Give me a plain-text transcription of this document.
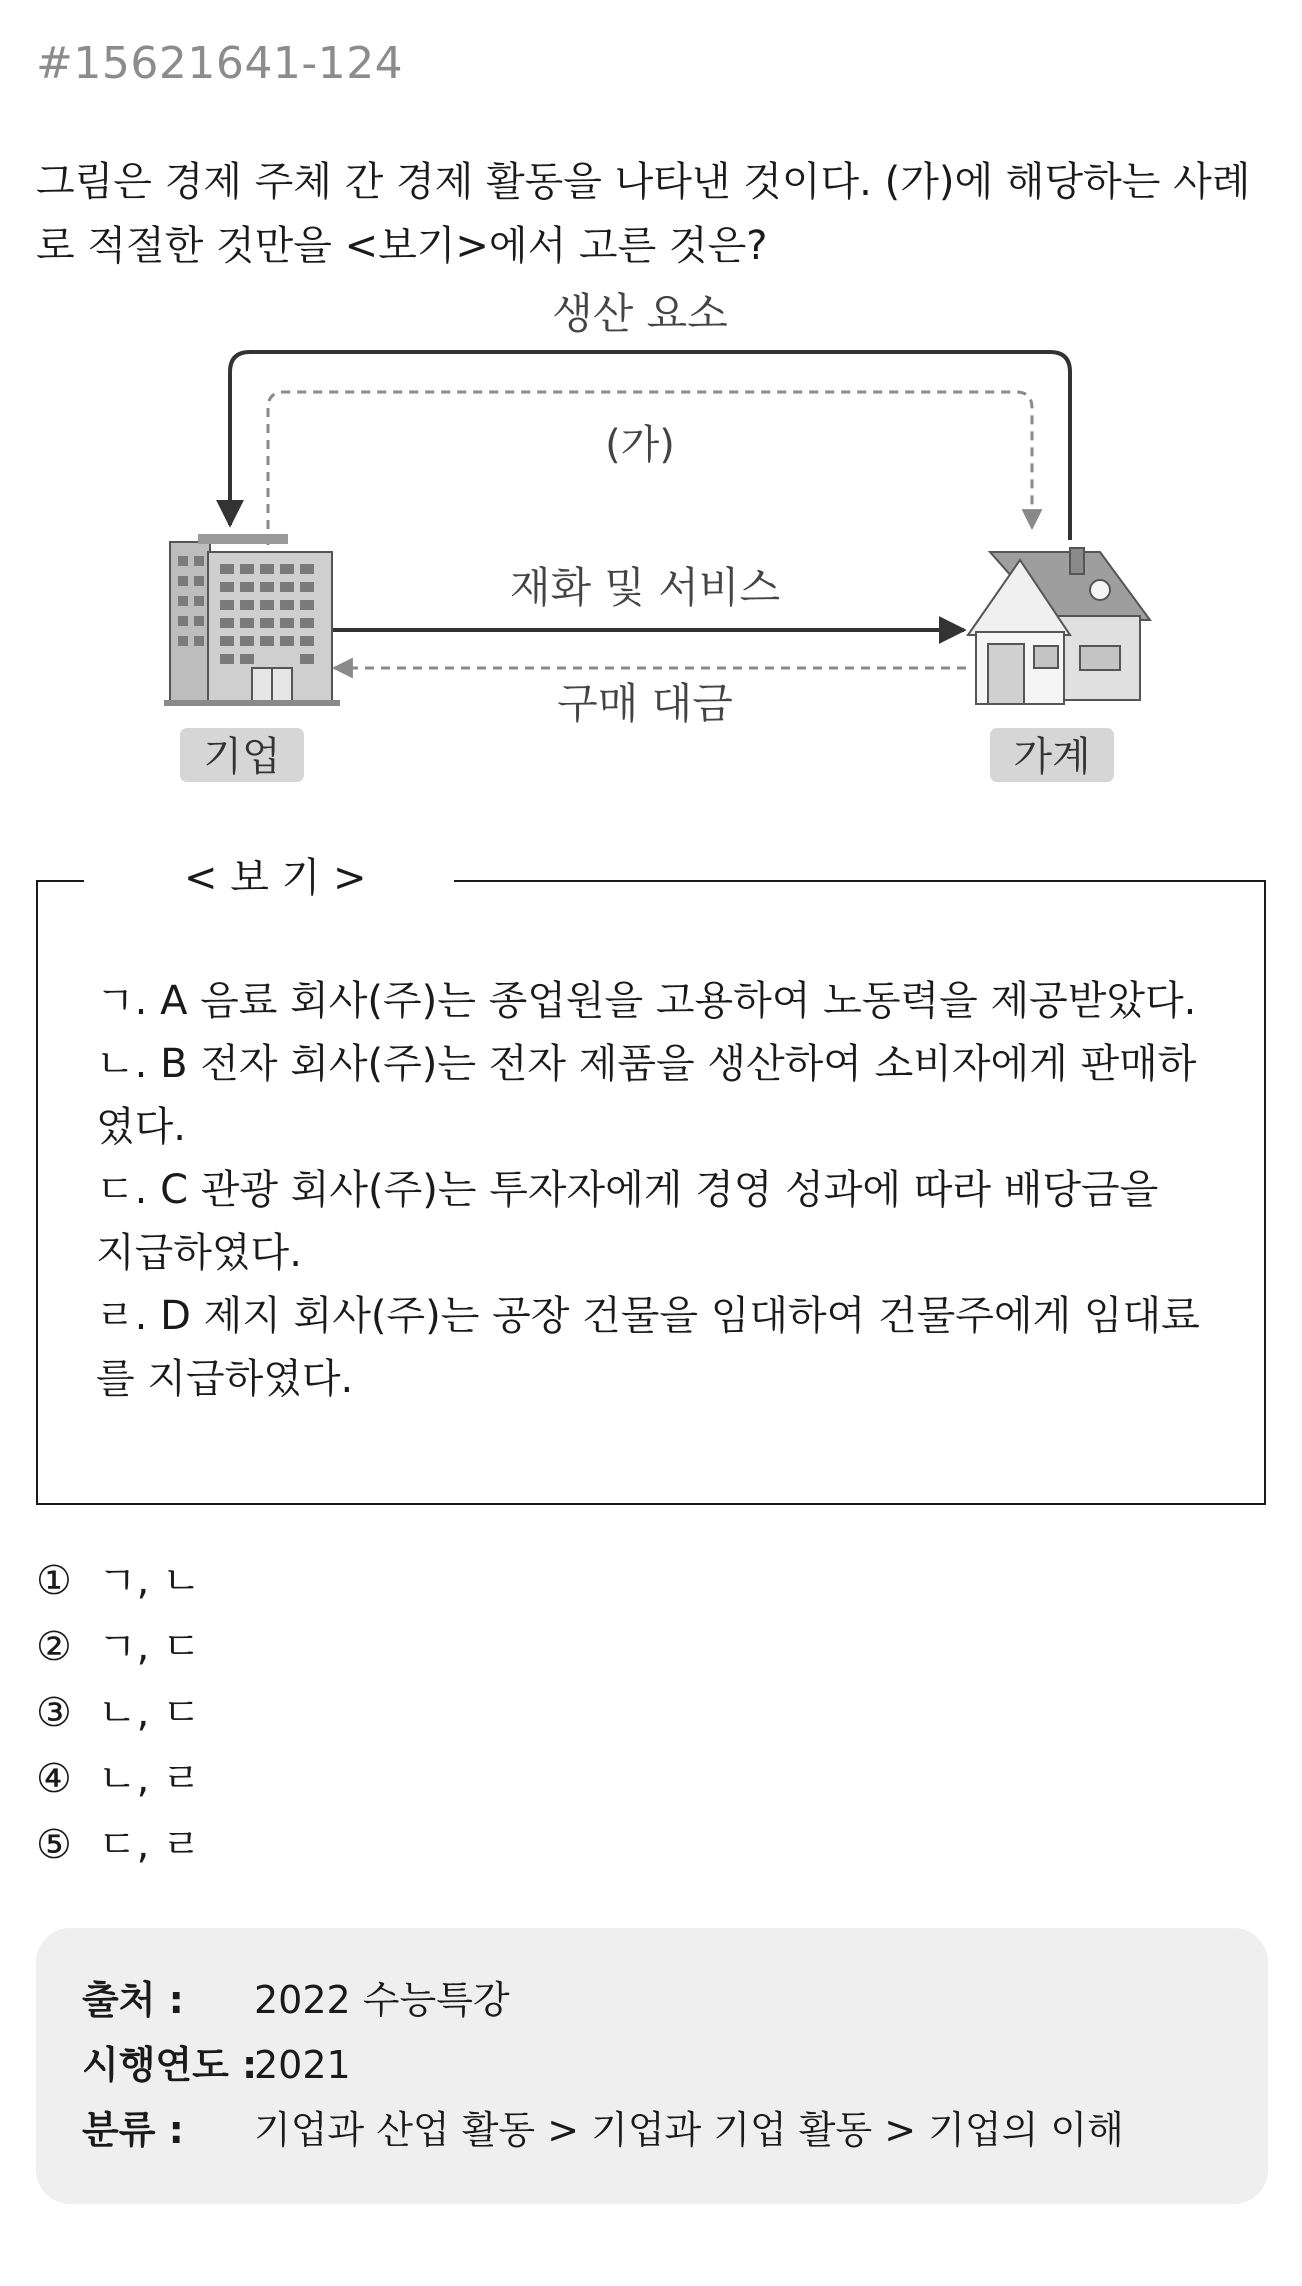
#15621641-124
그림은 경제 주체 간 경제 활동을 나타낸 것이다. (가)에 해당하는 사례
로 적절한 것만을 <보기>에서 고른 것은?
생산 요소
(가)
재화 및 서비스
구매 대금
기업	가계
< 보 기 >
ㄱ. A 음료 회사(주)는 종업원을 고용하여 노동력을 제공받았다.
ㄴ. B 전자 회사(주)는 전자 제품을 생산하여 소비자에게 판매하
였다.
ㄷ. C 관광 회사(주)는 투자자에게 경영 성과에 따라 배당금을
지급하였다.
ㄹ. D 제지 회사(주)는 공장 건물을 임대하여 건물주에게 임대료
를 지급하였다.
① ㄱ, ㄴ
② ㄱ, ㄷ
③ ㄴ, ㄷ
④ ㄴ, ㄹ
⑤ ㄷ, ㄹ
출처 : 2022 수능특강
시행연도 :2021
분류 : 기업과 산업 활동 > 기업과 기업 활동 > 기업의 이해
